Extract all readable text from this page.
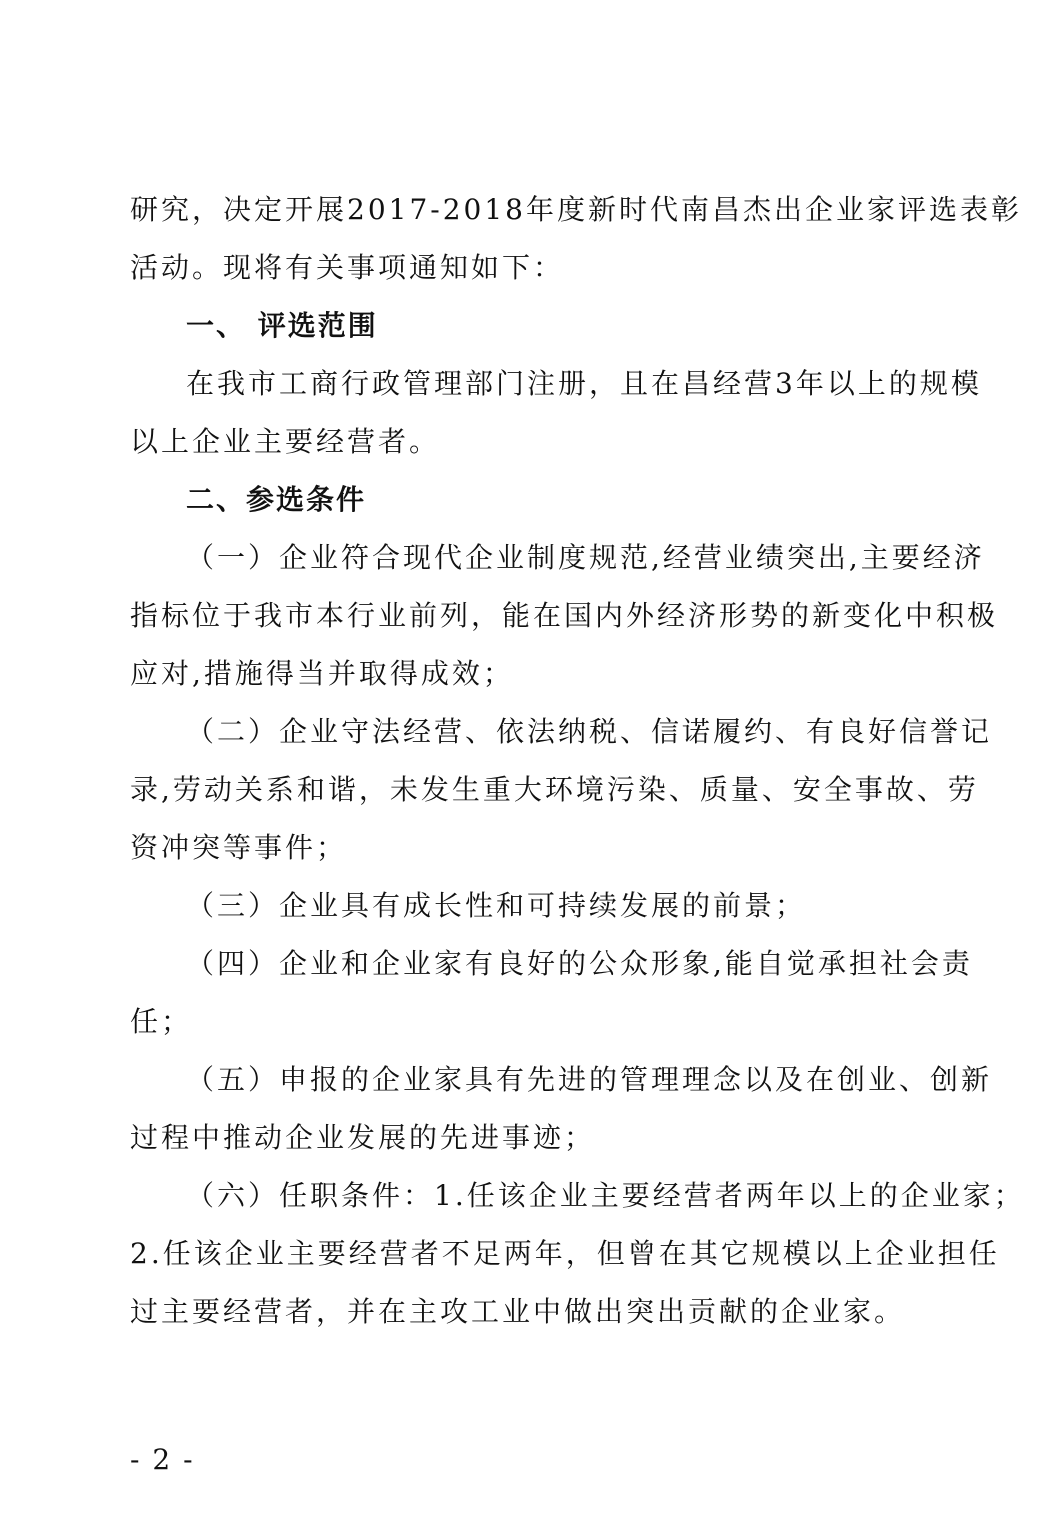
研究，决定开展2017-2018年度新时代南昌杰出企业家评选表彰
活动。现将有关事项通知如下：
一、 评选范围
在我市工商行政管理部门注册，且在昌经营3年以上的规模
以上企业主要经营者。
二、参选条件
（一）企业符合现代企业制度规范,经营业绩突出,主要经济
指标位于我市本行业前列，能在国内外经济形势的新变化中积极
应对,措施得当并取得成效；
（二）企业守法经营、依法纳税、信诺履约、有良好信誉记
录,劳动关系和谐，未发生重大环境污染、质量、安全事故、劳
资冲突等事件；
（三）企业具有成长性和可持续发展的前景；
（四）企业和企业家有良好的公众形象,能自觉承担社会责
任；
（五）申报的企业家具有先进的管理理念以及在创业、创新
过程中推动企业发展的先进事迹；
（六）任职条件：1.任该企业主要经营者两年以上的企业家；
2.任该企业主要经营者不足两年，但曾在其它规模以上企业担任
过主要经营者，并在主攻工业中做出突出贡献的企业家。
- 2 -
